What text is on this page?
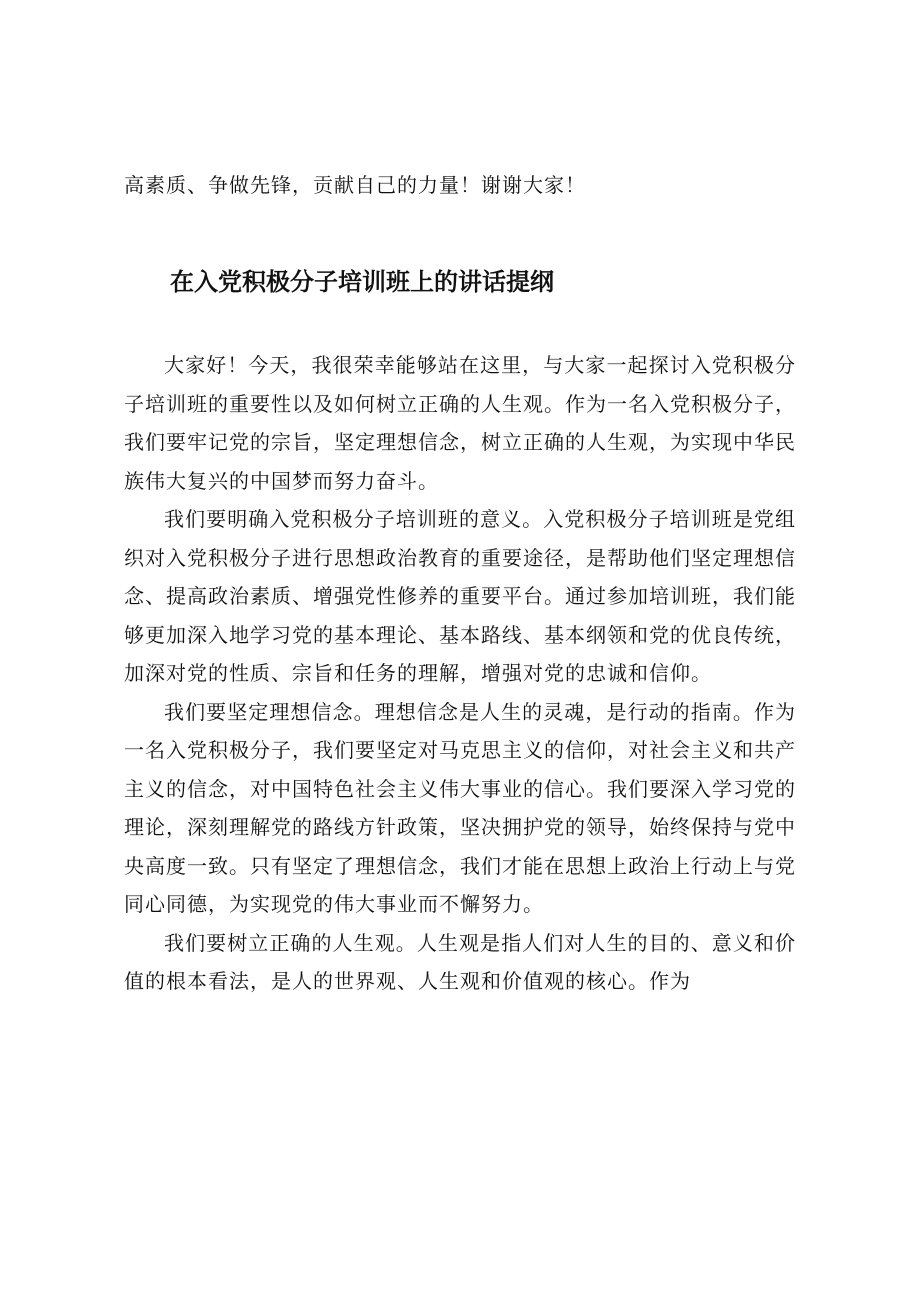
高素质、争做先锋，贡献自己的力量！谢谢大家！

在入党积极分子培训班上的讲话提纲

大家好！今天，我很荣幸能够站在这里，与大家一起探讨入党积极分子培训班的重要性以及如何树立正确的人生观。作为一名入党积极分子，我们要牢记党的宗旨，坚定理想信念，树立正确的人生观，为实现中华民族伟大复兴的中国梦而努力奋斗。

我们要明确入党积极分子培训班的意义。入党积极分子培训班是党组织对入党积极分子进行思想政治教育的重要途径，是帮助他们坚定理想信念、提高政治素质、增强党性修养的重要平台。通过参加培训班，我们能够更加深入地学习党的基本理论、基本路线、基本纲领和党的优良传统，加深对党的性质、宗旨和任务的理解，增强对党的忠诚和信仰。

我们要坚定理想信念。理想信念是人生的灵魂，是行动的指南。作为一名入党积极分子，我们要坚定对马克思主义的信仰，对社会主义和共产主义的信念，对中国特色社会主义伟大事业的信心。我们要深入学习党的理论，深刻理解党的路线方针政策，坚决拥护党的领导，始终保持与党中央高度一致。只有坚定了理想信念，我们才能在思想上政治上行动上与党同心同德，为实现党的伟大事业而不懈努力。

我们要树立正确的人生观。人生观是指人们对人生的目的、意义和价值的根本看法，是人的世界观、人生观和价值观的核心。作为
